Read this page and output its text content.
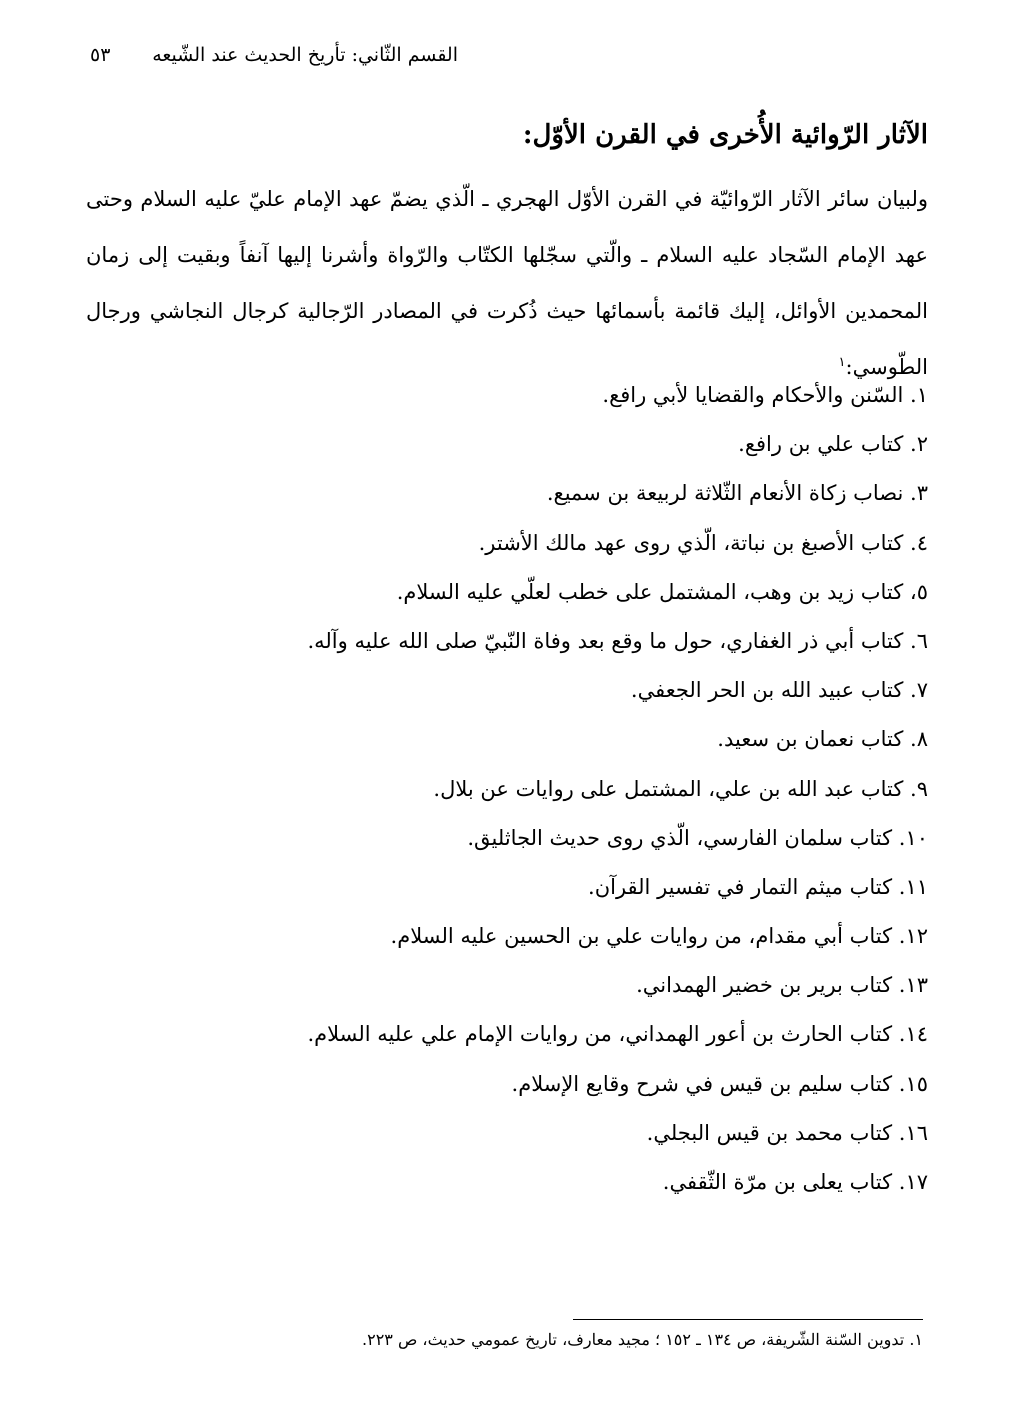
القسم الثّاني: تأريخ الحديث عند الشّيعه
٥٣
الآثار الرّوائية الأُخرى في القرن الأوّل:

ولبيان سائر الآثار الرّوائيّة في القرن الأوّل الهجري ـ الّذي يضمّ عهد الإمام عليّ عليه السلام وحتى عهد الإمام السّجاد عليه السلام ـ والّتي سجّلها الكتّاب والرّواة وأشرنا إليها آنفاً وبقيت إلى زمان المحمدين الأوائل، إليك قائمة بأسمائها حيث ذُكرت في المصادر الرّجالية كرجال النجاشي ورجال الطّوسي:$^١$

١. السّنن والأحكام والقضايا لأبي رافع.
٢. كتاب علي بن رافع.
٣. نصاب زكاة الأنعام الثّلاثة لربيعة بن سميع.
٤. كتاب الأصبغ بن نباتة، الّذي روى عهد مالك الأشتر.
٥، كتاب زيد بن وهب، المشتمل على خطب لعلّي عليه السلام.
٦. كتاب أبي ذر الغفاري، حول ما وقع بعد وفاة النّبيّ صلى الله عليه وآله.
٧. كتاب عبيد الله بن الحر الجعفي.
٨. كتاب نعمان بن سعيد.
٩. كتاب عبد الله بن علي، المشتمل على روايات عن بلال.
١٠. كتاب سلمان الفارسي، الّذي روى حديث الجاثليق.
١١. كتاب ميثم التمار في تفسير القرآن.
١٢. كتاب أبي مقدام، من روايات علي بن الحسين عليه السلام.
١٣. كتاب برير بن خضير الهمداني.
١٤. كتاب الحارث بن أعور الهمداني، من روايات الإمام علي عليه السلام.
١٥. كتاب سليم بن قيس في شرح وقايع الإسلام.
١٦. كتاب محمد بن قيس البجلي.
١٧. كتاب يعلى بن مرّة الثّقفي.

١. تدوين السّنة الشّريفة، ص ١٣٤ ـ ١٥٢ ؛ مجيد معارف، تاريخ عمومي حديث، ص ٢٢٣.
